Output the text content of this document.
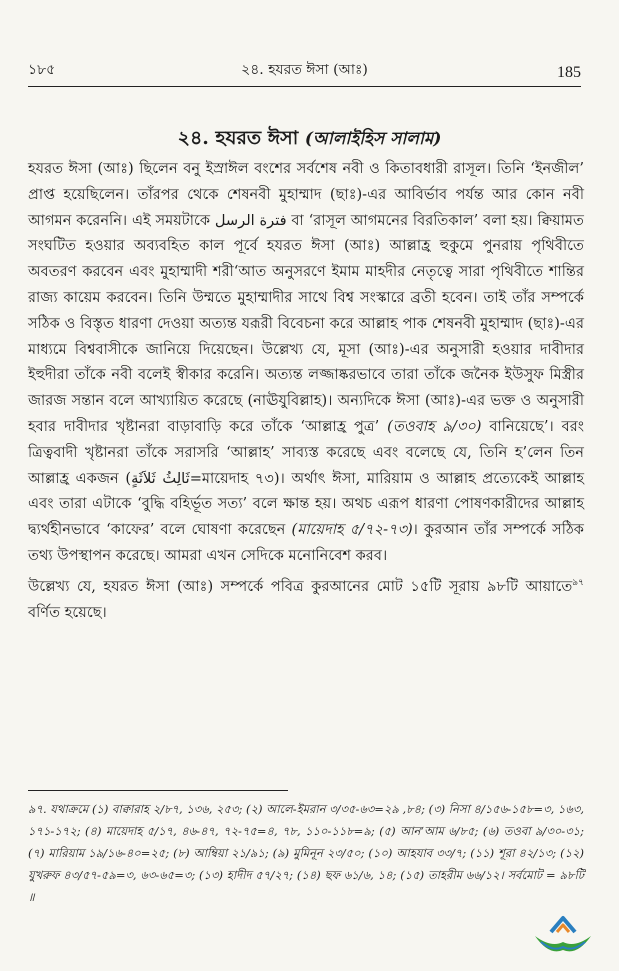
১৮৫	২৪. হযরত ঈসা (আঃ)	185
২৪. হযরত ঈসা (আলাইহিস সালাম)

হযরত ঈসা (আঃ) ছিলেন বনু ইস্রাঈল বংশের সর্বশেষ নবী ও কিতাবধারী রাসূল। তিনি ‘ইনজীল’ প্রাপ্ত হয়েছিলেন। তাঁরপর থেকে শেষনবী মুহাম্মাদ (ছাঃ)-এর আবির্ভাব পর্যন্ত আর কোন নবী আগমন করেননি। এই সময়টাকে فترة الرسل বা ‘রাসূল আগমনের বিরতিকাল’ বলা হয়। ক্বিয়ামত সংঘটিত হওয়ার অব্যবহিত কাল পূর্বে হযরত ঈসা (আঃ) আল্লাহ্র হুকুমে পুনরায় পৃথিবীতে অবতরণ করবেন এবং মুহাম্মাদী শরী‘আত অনুসরণে ইমাম মাহদীর নেতৃত্বে সারা পৃথিবীতে শান্তির রাজ্য কায়েম করবেন। তিনি উম্মতে মুহাম্মাদীর সাথে বিশ্ব সংস্কারে ব্রতী হবেন। তাই তাঁর সম্পর্কে সঠিক ও বিস্তৃত ধারণা দেওয়া অত্যন্ত যরূরী বিবেচনা করে আল্লাহ পাক শেষনবী মুহাম্মাদ (ছাঃ)-এর মাধ্যমে বিশ্ববাসীকে জানিয়ে দিয়েছেন। উল্লেখ্য যে, মূসা (আঃ)-এর অনুসারী হওয়ার দাবীদার ইহুদীরা তাঁকে নবী বলেই স্বীকার করেনি। অত্যন্ত লজ্জাষ্করভাবে তারা তাঁকে জনৈক ইউসুফ মিস্ত্রীর জারজ সন্তান বলে আখ্যায়িত করেছে (নাঊযুবিল্লাহ)। অন্যদিকে ঈসা (আঃ)-এর ভক্ত ও অনুসারী হবার দাবীদার খৃষ্টানরা বাড়াবাড়ি করে তাঁকে ‘আল্লাহ্র পুত্র’ (তওবাহ ৯/৩০) বানিয়েছে’। বরং ত্রিত্ববাদী খৃষ্টানরা তাঁকে সরাসরি ‘আল্লাহ’ সাব্যস্ত করেছে এবং বলেছে যে, তিনি হ’লেন তিন আল্লাহ্র একজন (ثَالِثُ ثَلاَثَةٍ=মায়েদাহ ৭৩)। অর্থাৎ ঈসা, মারিয়াম ও আল্লাহ প্রত্যেকেই আল্লাহ এবং তারা এটাকে ‘বুদ্ধি বহির্ভূত সত্য’ বলে ক্ষান্ত হয়। অথচ এরূপ ধারণা পোষণকারীদের আল্লাহ দ্ব্যর্থহীনভাবে ‘কাফের’ বলে ঘোষণা করেছেন (মায়েদাহ ৫/৭২-৭৩)। কুরআন তাঁর সম্পর্কে সঠিক তথ্য উপস্থাপন করেছে। আমরা এখন সেদিকে মনোনিবেশ করব।

উল্লেখ্য যে, হযরত ঈসা (আঃ) সম্পর্কে পবিত্র কুরআনের মোট ১৫টি সূরায় ৯৮টি আয়াতে$^{৯৭}$ বর্ণিত হয়েছে।

৯৭. যথাক্রমে (১) বাক্বারাহ ২/৮৭, ১৩৬, ২৫৩; (২) আলে-ইমরান ৩/৩৫-৬৩=২৯ ,৮৪; (৩) নিসা ৪/১৫৬-১৫৮=৩, ১৬৩, ১৭১-১৭২; (৪) মায়েদাহ ৫/১৭, ৪৬-৪৭, ৭২-৭৫=৪, ৭৮, ১১০-১১৮=৯; (৫) আন‘আম ৬/৮৫; (৬) তওবা ৯/৩০-৩১; (৭) মারিয়াম ১৯/১৬-৪০=২৫; (৮) আম্বিয়া ২১/৯১; (৯) মুমিনূন ২৩/৫০; (১০) আহযাব ৩৩/৭; (১১) শূরা ৪২/১৩; (১২) যুখরুফ ৪৩/৫৭-৫৯=৩, ৬৩-৬৫=৩; (১৩) হাদীদ ৫৭/২৭; (১৪) ছফ ৬১/৬, ১৪; (১৫) তাহরীম ৬৬/১২। সর্বমোট = ৯৮টি ॥
